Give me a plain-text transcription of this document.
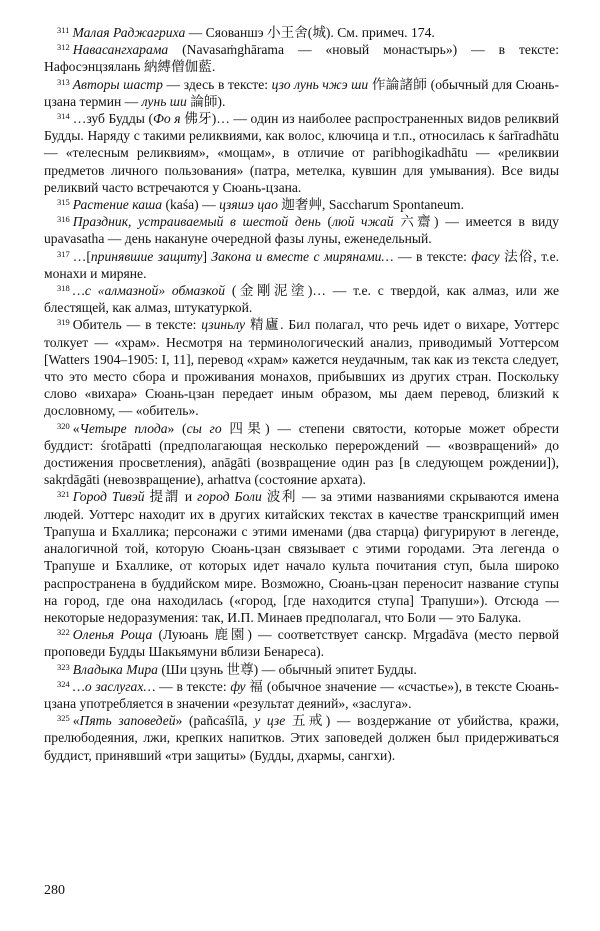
$^{311}$ Малая Раджагриха — Сяованшэ 小王舍(城). См. примеч. 174.

$^{312}$ Навасангхарама (Navasaṁghārama — «новый монастырь») — в тексте: Нафосэнцзялань 納縛僧伽藍.

$^{313}$ Авторы шастр — здесь в тексте: цзо лунь чжэ ши 作論諸師 (обычный для Сюань-цзана термин — лунь ши 論師).

$^{314}$ …зуб Будды (Фо я 佛牙)… — один из наиболее распространенных видов реликвий Будды. Наряду с такими реликвиями, как волос, ключица и т.п., относилась к śarīradhātu — «телесным реликвиям», «мощам», в отличие от paribhogikadhātu — «реликвии предметов личного пользования» (патра, метелка, кувшин для умывания). Все виды реликвий часто встречаются у Сюань-цзана.

$^{315}$ Растение каша (kaśa) — цзяшэ цао 迦奢艸, Saccharum Spontaneum.

$^{316}$ Праздник, устраиваемый в шестой день (люй чжай 六齋) — имеется в виду upavasatha — день накануне очередной фазы луны, еженедельный.

$^{317}$ …[принявшие защиту] Закона и вместе с мирянами… — в тексте: фасу 法俗, т.е. монахи и миряне.

$^{318}$ …с «алмазной» обмазкой (金剛泥塗)… — т.е. с твердой, как алмаз, или же блестящей, как алмаз, штукатуркой.

$^{319}$ Обитель — в тексте: цзиньлу 精廬. Бил полагал, что речь идет о вихаре, Уоттерс толкует — «храм». Несмотря на терминологический анализ, приводимый Уоттерсом [Watters 1904–1905: I, 11], перевод «храм» кажется неудачным, так как из текста следует, что это место сбора и проживания монахов, прибывших из других стран. Поскольку слово «вихара» Сюань-цзан передает иным образом, мы даем перевод, близкий к дословному, — «обитель».

$^{320}$ «Четыре плода» (сы го 四果) — степени святости, которые может обрести буддист: śrotāpatti (предполагающая несколько перерождений — «возвращений» до достижения просветления), anāgāti (возвращение один раз [в следующем рождении]), sakṛdāgāti (невозвращение), arhattva (состояние архата).

$^{321}$ Город Тивэй 提謂 и город Боли 波利 — за этими названиями скрываются имена людей. Уоттерс находит их в других китайских текстах в качестве транскрипций имен Трапуша и Бхаллика; персонажи с этими именами (два старца) фигурируют в легенде, аналогичной той, которую Сюань-цзан связывает с этими городами. Эта легенда о Трапуше и Бхаллике, от которых идет начало культа почитания ступ, была широко распространена в буддийском мире. Возможно, Сюань-цзан переносит название ступы на город, где она находилась («город, [где находится ступа] Трапуши»). Отсюда — некоторые недоразумения: так, И.П. Минаев предполагал, что Боли — это Балука.

$^{322}$ Оленья Роща (Луюань 鹿園) — соответствует санскр. Mṛgadāva (место первой проповеди Будды Шакьямуни вблизи Бенареса).

$^{323}$ Владыка Мира (Ши цзунь 世尊) — обычный эпитет Будды.

$^{324}$ …о заслугах… — в тексте: фу 福 (обычное значение — «счастье»), в тексте Сюань-цзана употребляется в значении «результат деяний», «заслуга».

$^{325}$ «Пять заповедей» (pañcaśīlā, у цзе 五戒) — воздержание от убийства, кражи, прелюбодеяния, лжи, крепких напитков. Этих заповедей должен был придерживаться буддист, принявший «три защиты» (Будды, дхармы, сангхи).

280
